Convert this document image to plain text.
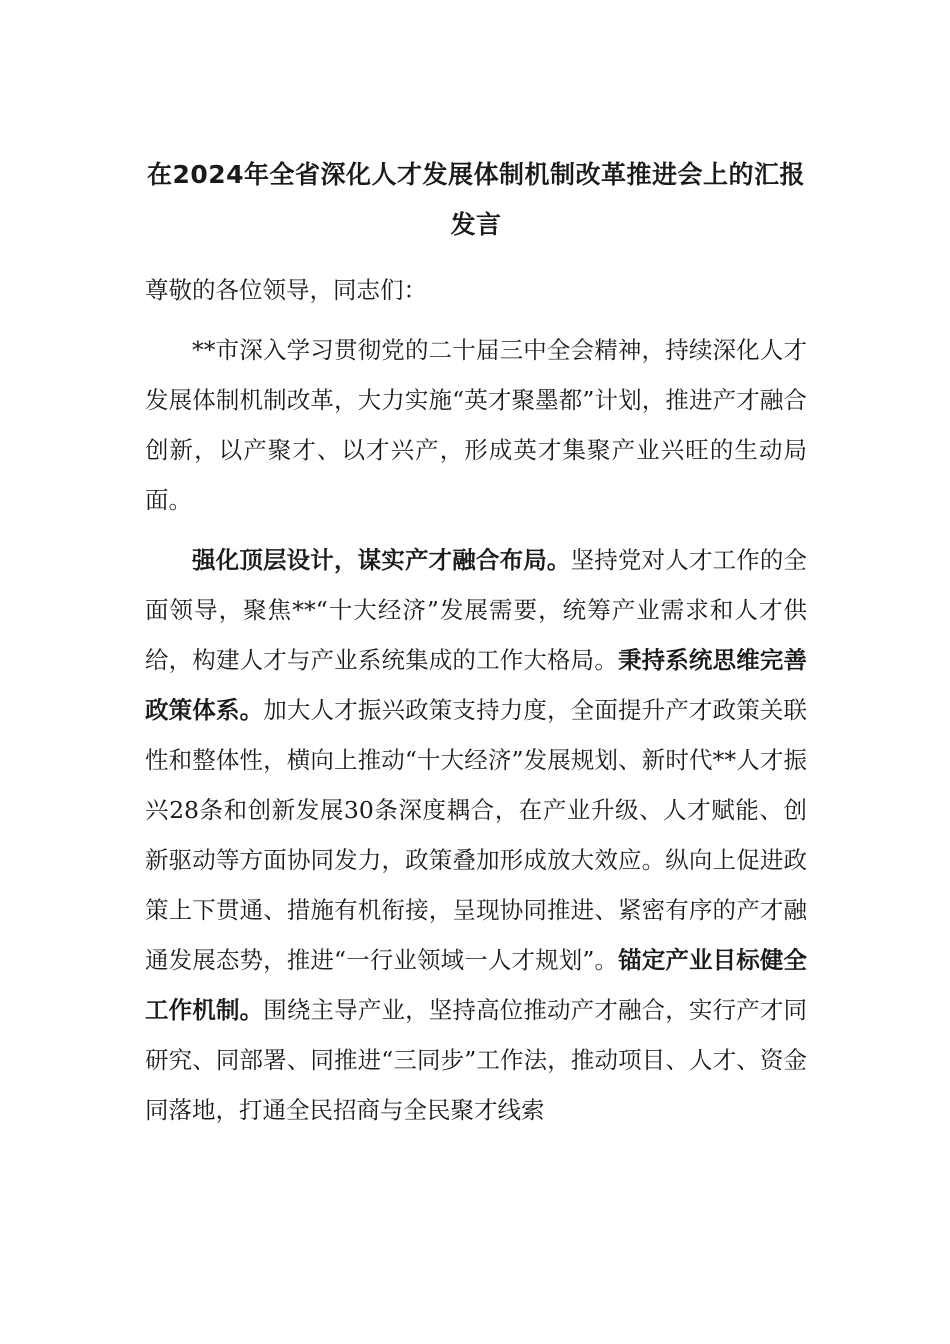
在2024年全省深化人才发展体制机制改革推进会上的汇报发言
尊敬的各位领导，同志们：
**市深入学习贯彻党的二十届三中全会精神，持续深化人才发展体制机制改革，大力实施“英才聚墨都”计划，推进产才融合创新，以产聚才、以才兴产，形成英才集聚产业兴旺的生动局面。
强化顶层设计，谋实产才融合布局。坚持党对人才工作的全面领导，聚焦**“十大经济”发展需要，统筹产业需求和人才供给，构建人才与产业系统集成的工作大格局。秉持系统思维完善政策体系。加大人才振兴政策支持力度，全面提升产才政策关联性和整体性，横向上推动“十大经济”发展规划、新时代**人才振兴28条和创新发展30条深度耦合，在产业升级、人才赋能、创新驱动等方面协同发力，政策叠加形成放大效应。纵向上促进政策上下贯通、措施有机衔接，呈现协同推进、紧密有序的产才融通发展态势，推进“一行业领域一人才规划”。锚定产业目标健全工作机制。围绕主导产业，坚持高位推动产才融合，实行产才同研究、同部署、同推进“三同步”工作法，推动项目、人才、资金同落地，打通全民招商与全民聚才线索
